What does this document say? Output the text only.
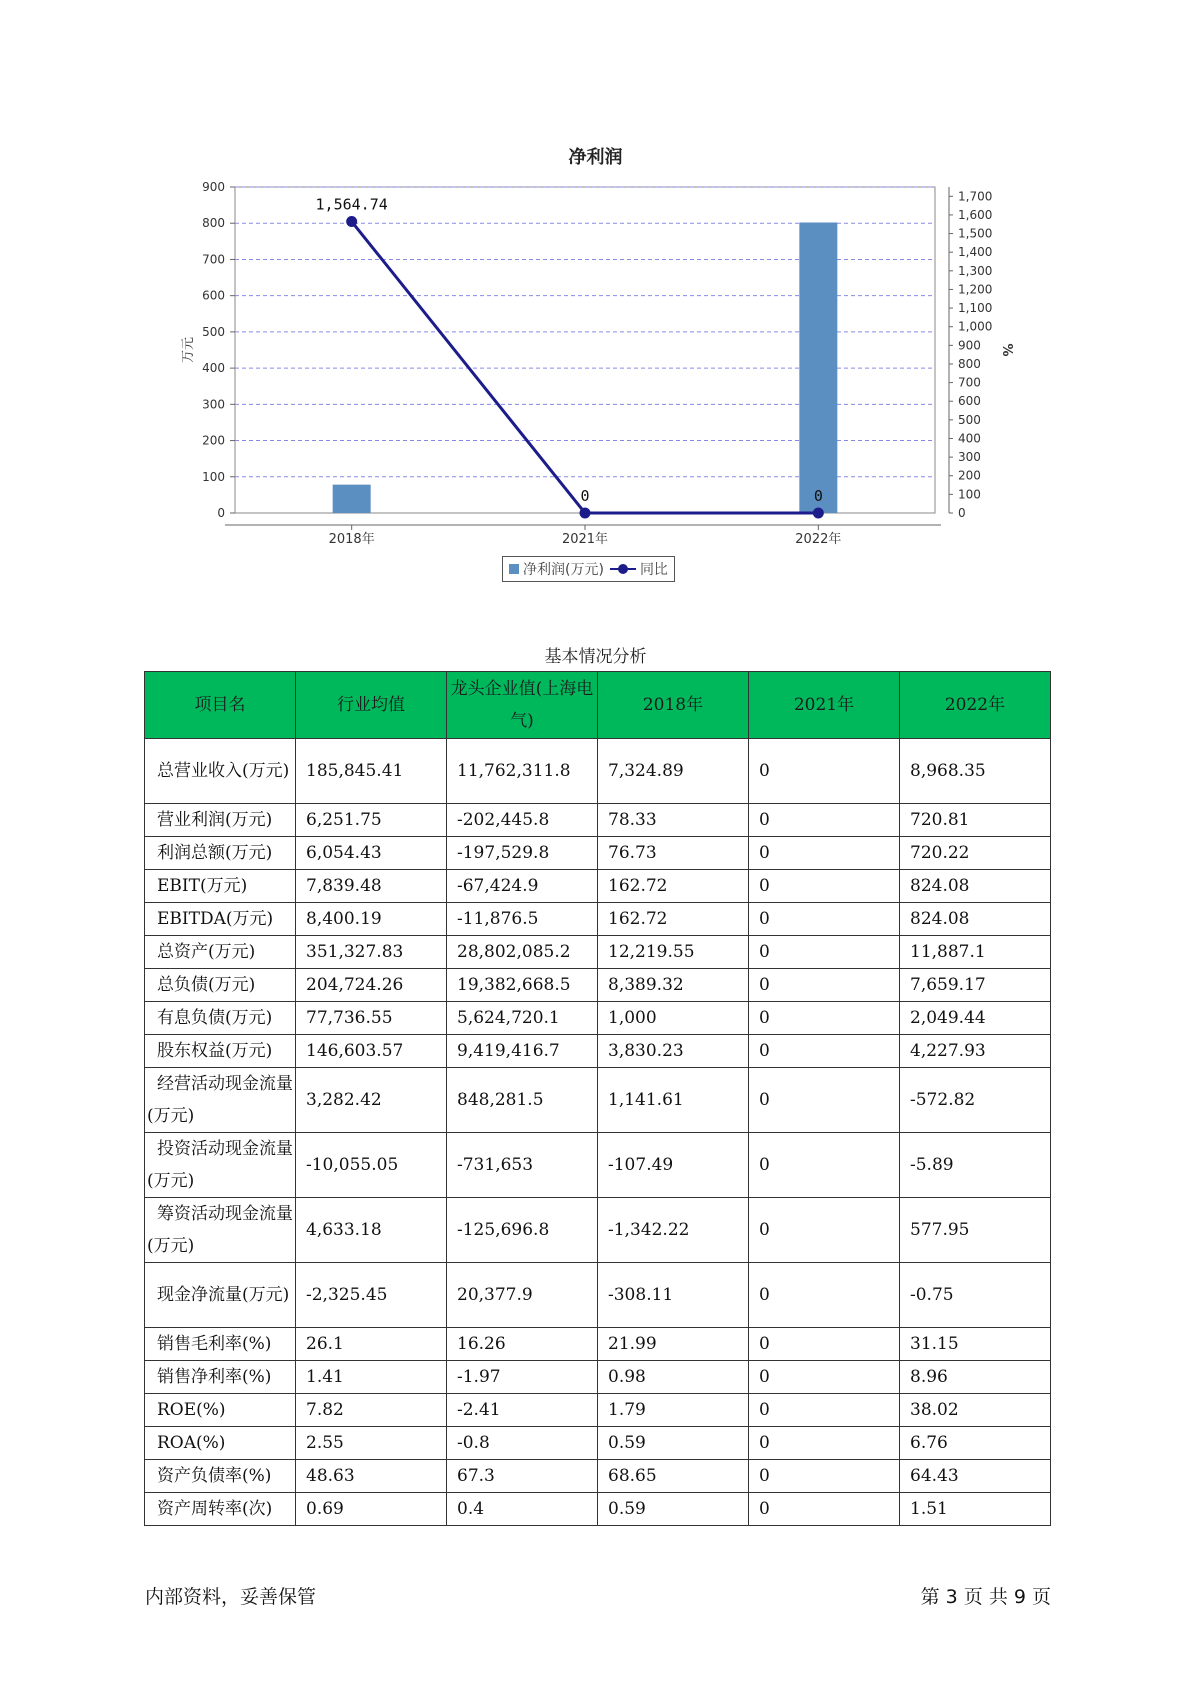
净利润
0
100
200
300
400
500
600
700
800
900
0
100
200
300
400
500
600
700
800
900
1,000
1,100
1,200
1,300
1,400
1,500
1,600
1,700
2018年	2021年	2022年
万元	%
1,564.74
0	0
净利润(万元)	同比
基本情况分析
项目名	行业均值	龙头企业值(上海电气)	2018年	2021年	2022年
总营业收入(万元)	185,845.41	11,762,311.8	7,324.89	0	8,968.35
营业利润(万元)	6,251.75	-202,445.8	78.33	0	720.81
利润总额(万元)	6,054.43	-197,529.8	76.73	0	720.22
EBIT(万元)	7,839.48	-67,424.9	162.72	0	824.08
EBITDA(万元)	8,400.19	-11,876.5	162.72	0	824.08
总资产(万元)	351,327.83	28,802,085.2	12,219.55	0	11,887.1
总负债(万元)	204,724.26	19,382,668.5	8,389.32	0	7,659.17
有息负债(万元)	77,736.55	5,624,720.1	1,000	0	2,049.44
股东权益(万元)	146,603.57	9,419,416.7	3,830.23	0	4,227.93
经营活动现金流量(万元)	3,282.42	848,281.5	1,141.61	0	-572.82
投资活动现金流量(万元)	-10,055.05	-731,653	-107.49	0	-5.89
筹资活动现金流量(万元)	4,633.18	-125,696.8	-1,342.22	0	577.95
现金净流量(万元)	-2,325.45	20,377.9	-308.11	0	-0.75
销售毛利率(%)	26.1	16.26	21.99	0	31.15
销售净利率(%)	1.41	-1.97	0.98	0	8.96
ROE(%)	7.82	-2.41	1.79	0	38.02
ROA(%)	2.55	-0.8	0.59	0	6.76
资产负债率(%)	48.63	67.3	68.65	0	64.43
资产周转率(次)	0.69	0.4	0.59	0	1.51
内部资料，妥善保管	第 3 页 共 9 页
